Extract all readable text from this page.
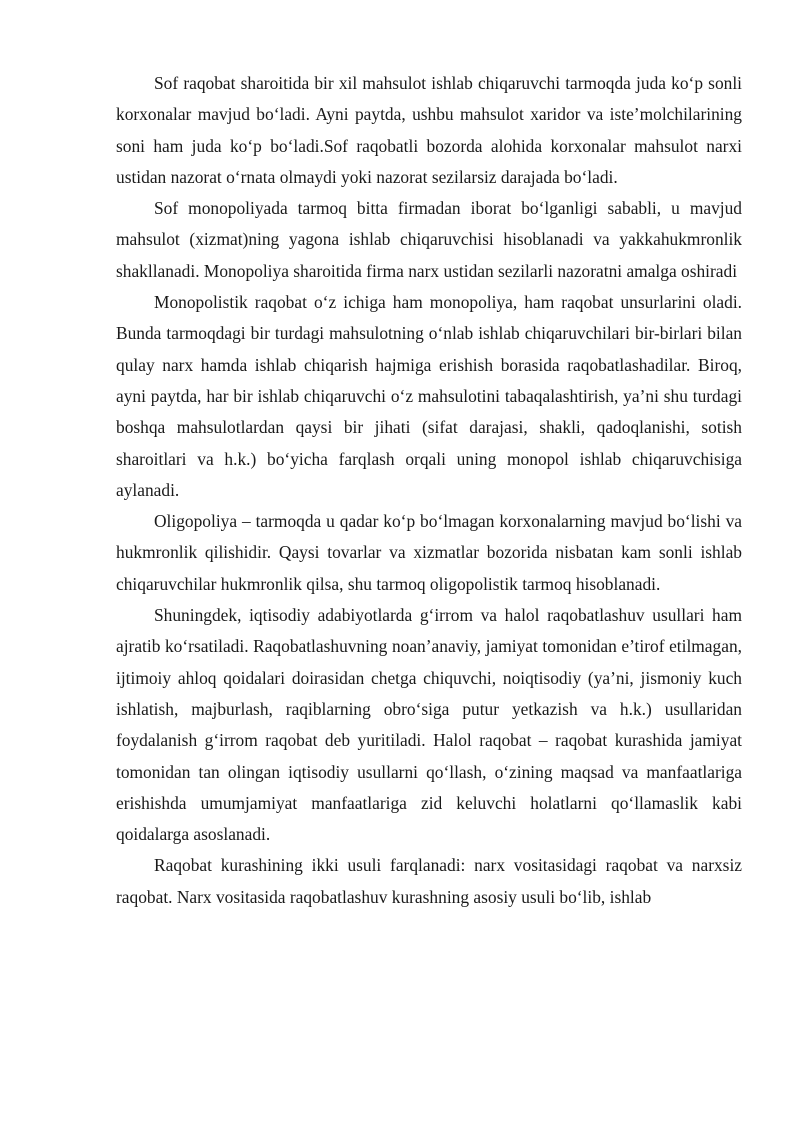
Sof raqobat sharoitida bir xil mahsulot ishlab chiqaruvchi tarmoqda juda ko‘p sonli korxonalar mavjud bo‘ladi. Ayni paytda, ushbu mahsulot xaridor va iste’molchilarining soni ham juda ko‘p bo‘ladi.Sof raqobatli bozorda alohida korxonalar mahsulot narxi ustidan nazorat o‘rnata olmaydi yoki nazorat sezilarsiz darajada bo‘ladi.

Sof monopoliyada tarmoq bitta firmadan iborat bo‘lganligi sababli, u mavjud mahsulot (xizmat)ning yagona ishlab chiqaruvchisi hisoblanadi va yakkahukmronlik shakllanadi. Monopoliya sharoitida firma narx ustidan sezilarli nazoratni amalga oshiradi

Monopolistik raqobat o‘z ichiga ham monopoliya, ham raqobat unsurlarini oladi. Bunda tarmoqdagi bir turdagi mahsulotning o‘nlab ishlab chiqaruvchilari bir-birlari bilan qulay narx hamda ishlab chiqarish hajmiga erishish borasida raqobatlashadilar. Biroq, ayni paytda, har bir ishlab chiqaruvchi o‘z mahsulotini tabaqalashtirish, ya’ni shu turdagi boshqa mahsulotlardan qaysi bir jihati (sifat darajasi, shakli, qadoqlanishi, sotish sharoitlari va h.k.) bo‘yicha farqlash orqali uning monopol ishlab chiqaruvchisiga aylanadi.

Oligopoliya – tarmoqda u qadar ko‘p bo‘lmagan korxonalarning mavjud bo‘lishi va hukmronlik qilishidir. Qaysi tovarlar va xizmatlar bozorida nisbatan kam sonli ishlab chiqaruvchilar hukmronlik qilsa, shu tarmoq oligopolistik tarmoq hisoblanadi.

Shuningdek, iqtisodiy adabiyotlarda g‘irrom va halol raqobatlashuv usullari ham ajratib ko‘rsatiladi. Raqobatlashuvning noan’anaviy, jamiyat tomonidan e’tirof etilmagan, ijtimoiy ahloq qoidalari doirasidan chetga chiquvchi, noiqtisodiy (ya’ni, jismoniy kuch ishlatish, majburlash, raqiblarning obro‘siga putur yetkazish va h.k.) usullaridan foydalanish g‘irrom raqobat deb yuritiladi. Halol raqobat – raqobat kurashida jamiyat tomonidan tan olingan iqtisodiy usullarni qo‘llash, o‘zining maqsad va manfaatlariga erishishda umumjamiyat manfaatlariga zid keluvchi holatlarni qo‘llamaslik kabi qoidalarga asoslanadi.

Raqobat kurashining ikki usuli farqlanadi: narx vositasidagi raqobat va narxsiz raqobat. Narx vositasida raqobatlashuv kurashning asosiy usuli bo‘lib, ishlab
